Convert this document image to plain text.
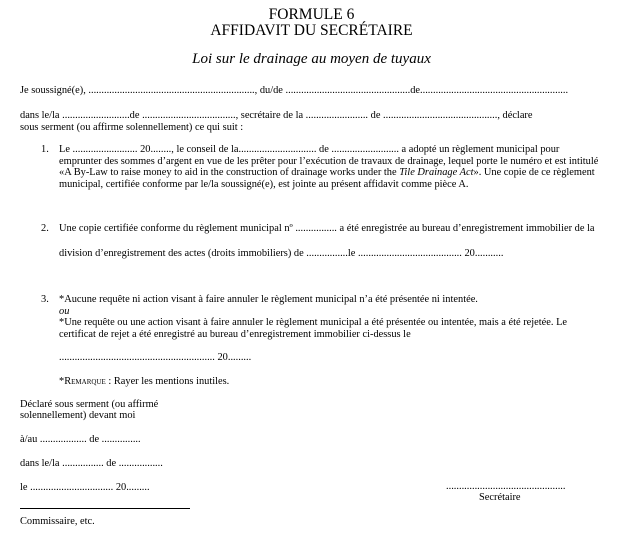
FORMULE 6
AFFIDAVIT DU SECRÉTAIRE
Loi sur le drainage au moyen de tuyaux
Je soussigné(e), ................................................................, du/de ................................................de.........................................................
dans le/la ..........................de ...................................., secrétaire de la ........................ de ............................................, déclare
sous serment (ou affirme solennellement) ce qui suit :
1. Le ......................... 20........, le conseil de la.............................. de .......................... a adopté un règlement municipal pour
emprunter des sommes d’argent en vue de les prêter pour l’exécution de travaux de drainage, lequel porte le numéro et est intitulé
«A By-Law to raise money to aid in the construction of drainage works under the Tile Drainage Act». Une copie de ce règlement
municipal, certifiée conforme par le/la soussigné(e), est jointe au présent affidavit comme pièce A.
2. Une copie certifiée conforme du règlement municipal nº ................ a été enregistrée au bureau d’enregistrement immobilier de la
division d’enregistrement des actes (droits immobiliers) de ................le ........................................ 20...........
3. *Aucune requête ni action visant à faire annuler le règlement municipal n’a été présentée ni intentée.
ou
*Une requête ou une action visant à faire annuler le règlement municipal a été présentée ou intentée, mais a été rejetée. Le
certificat de rejet a été enregistré au bureau d’enregistrement immobilier ci-dessus le
............................................................ 20.........
*Remarque : Rayer les mentions inutiles.
Déclaré sous serment (ou affirmé
solennellement) devant moi
à/au .................. de ...............
dans le/la ................ de .................
le ................................ 20.........
Commissaire, etc.
..............................................
Secrétaire
